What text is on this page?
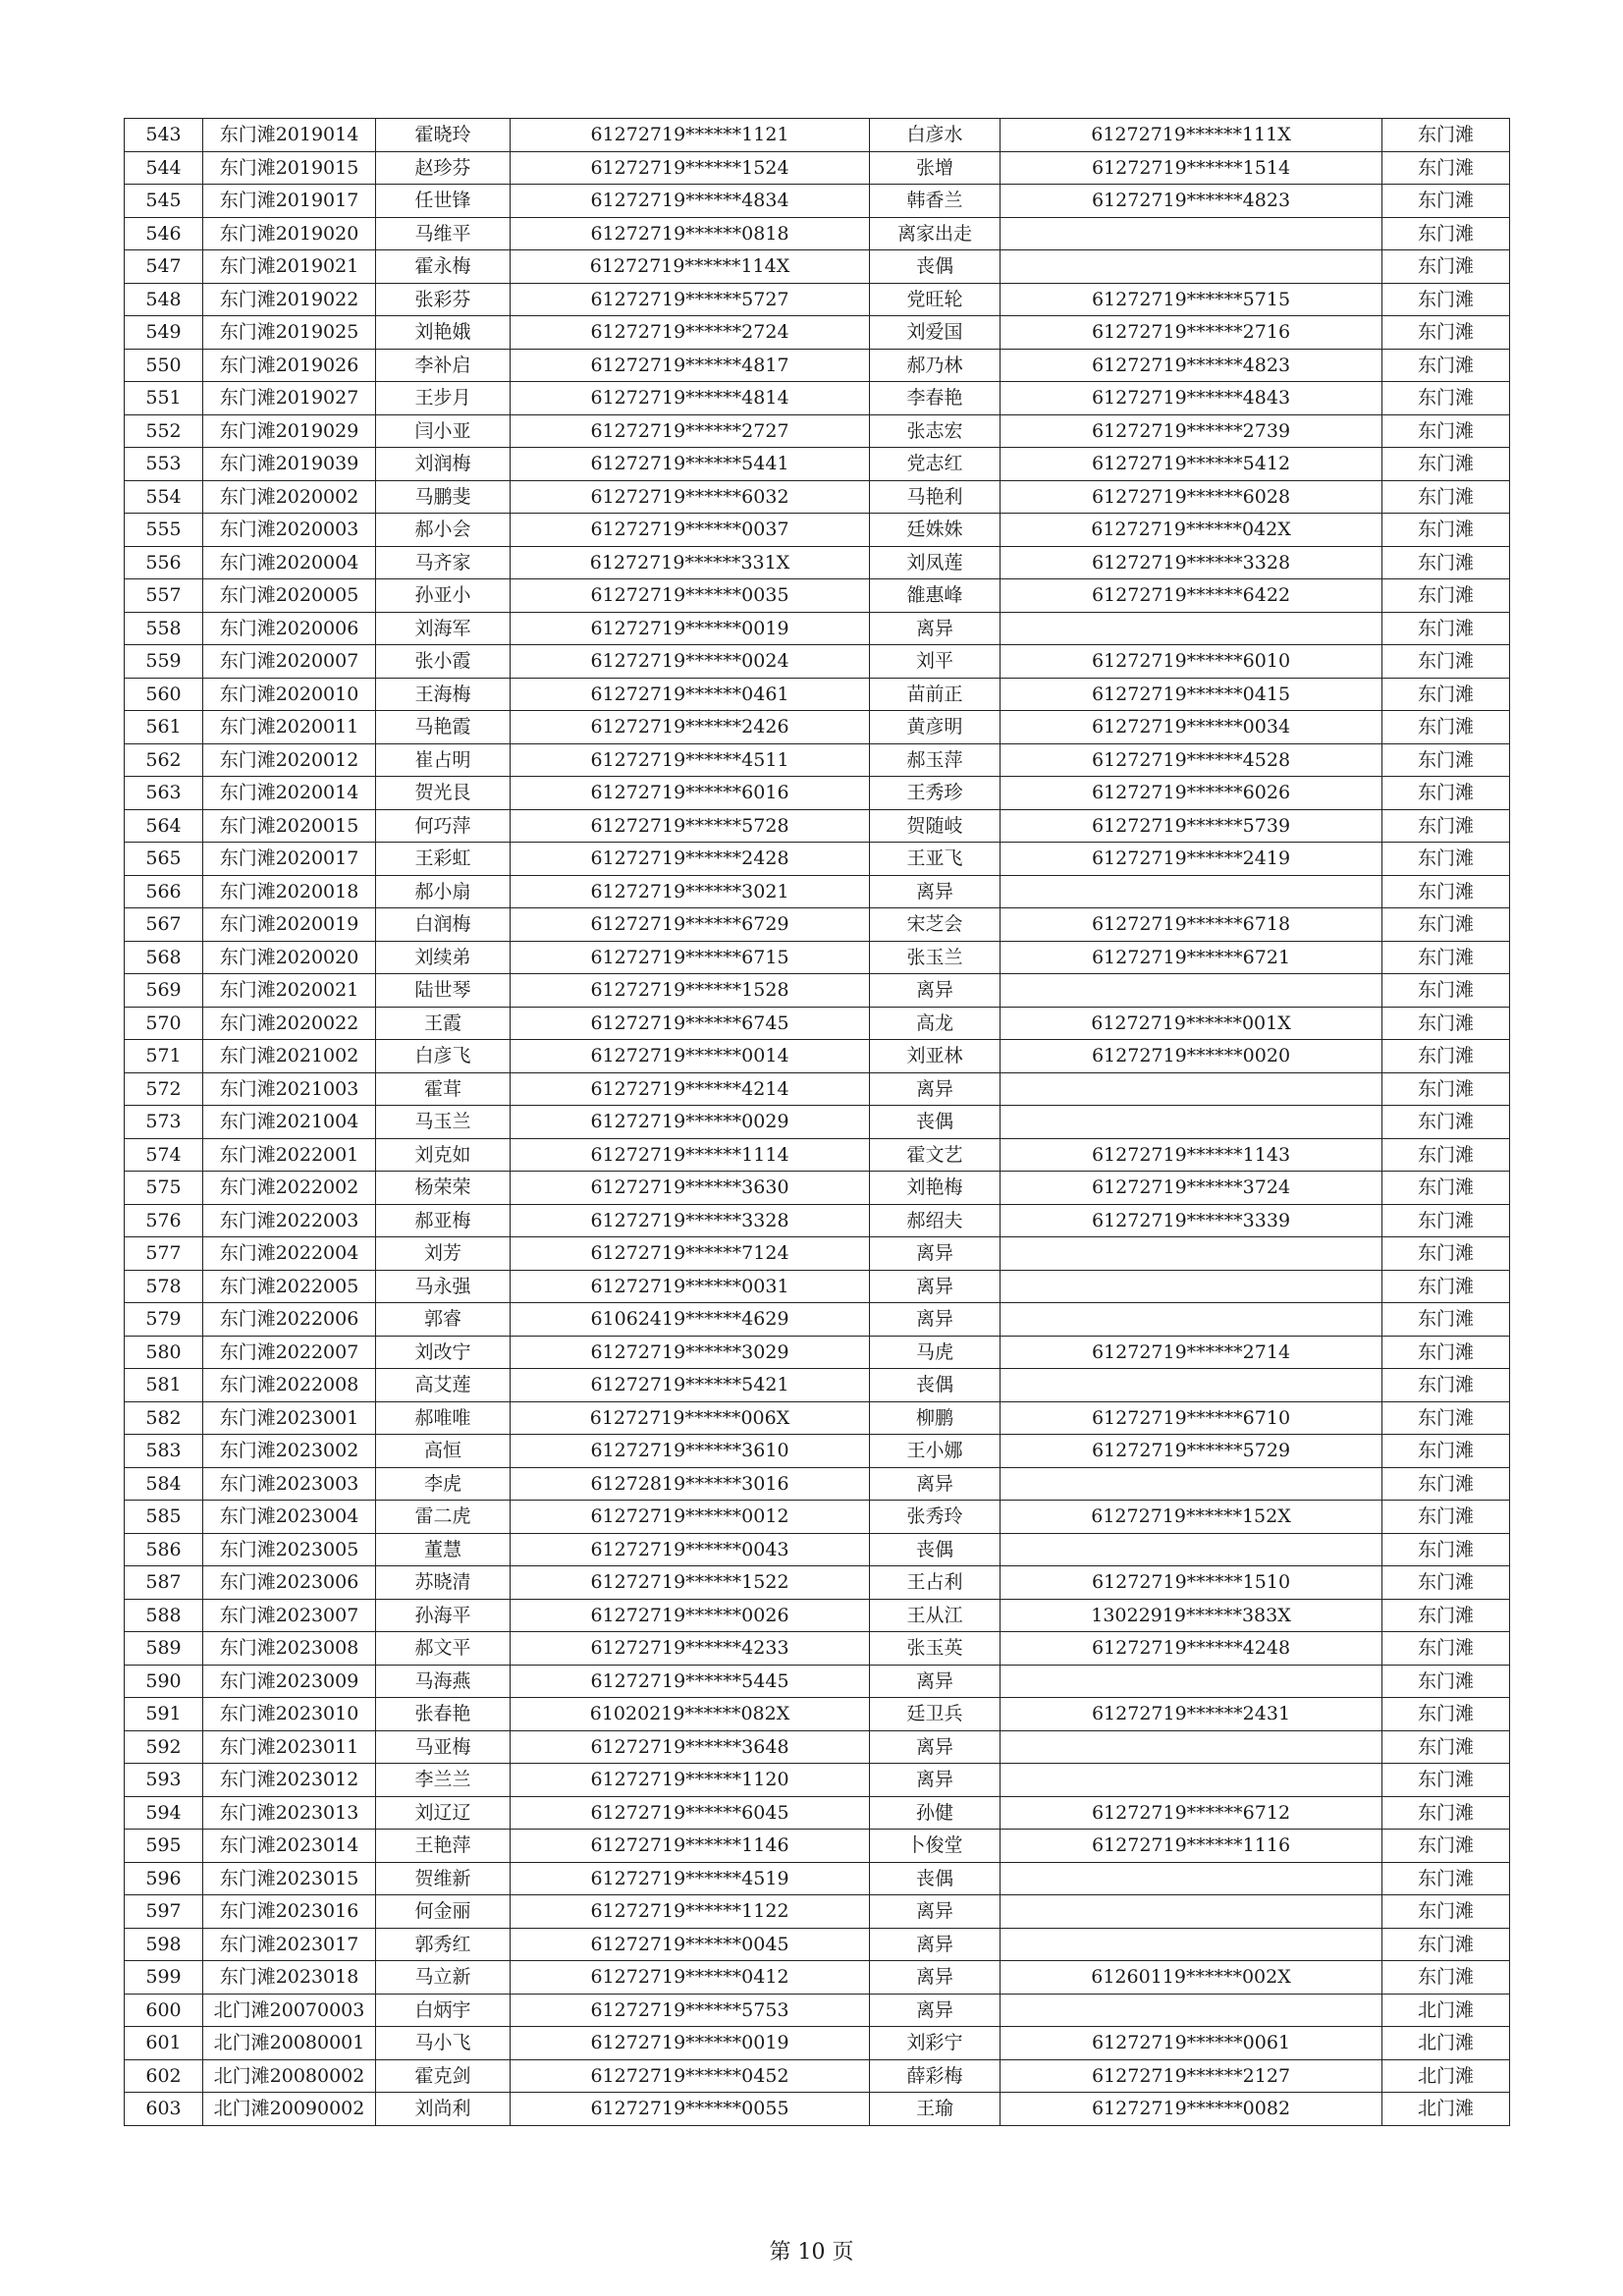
543	东门滩2019014	霍晓玲	61272719******1121	白彦水	61272719******111X	东门滩
544	东门滩2019015	赵珍芬	61272719******1524	张增	61272719******1514	东门滩
545	东门滩2019017	任世锋	61272719******4834	韩香兰	61272719******4823	东门滩
546	东门滩2019020	马维平	61272719******0818	离家出走		东门滩
547	东门滩2019021	霍永梅	61272719******114X	丧偶		东门滩
548	东门滩2019022	张彩芬	61272719******5727	党旺轮	61272719******5715	东门滩
549	东门滩2019025	刘艳娥	61272719******2724	刘爱国	61272719******2716	东门滩
550	东门滩2019026	李补启	61272719******4817	郝乃林	61272719******4823	东门滩
551	东门滩2019027	王步月	61272719******4814	李春艳	61272719******4843	东门滩
552	东门滩2019029	闫小亚	61272719******2727	张志宏	61272719******2739	东门滩
553	东门滩2019039	刘润梅	61272719******5441	党志红	61272719******5412	东门滩
554	东门滩2020002	马鹏斐	61272719******6032	马艳利	61272719******6028	东门滩
555	东门滩2020003	郝小会	61272719******0037	廷姝姝	61272719******042X	东门滩
556	东门滩2020004	马齐家	61272719******331X	刘凤莲	61272719******3328	东门滩
557	东门滩2020005	孙亚小	61272719******0035	雒惠峰	61272719******6422	东门滩
558	东门滩2020006	刘海军	61272719******0019	离异		东门滩
559	东门滩2020007	张小霞	61272719******0024	刘平	61272719******6010	东门滩
560	东门滩2020010	王海梅	61272719******0461	苗前正	61272719******0415	东门滩
561	东门滩2020011	马艳霞	61272719******2426	黄彦明	61272719******0034	东门滩
562	东门滩2020012	崔占明	61272719******4511	郝玉萍	61272719******4528	东门滩
563	东门滩2020014	贺光艮	61272719******6016	王秀珍	61272719******6026	东门滩
564	东门滩2020015	何巧萍	61272719******5728	贺随岐	61272719******5739	东门滩
565	东门滩2020017	王彩虹	61272719******2428	王亚飞	61272719******2419	东门滩
566	东门滩2020018	郝小扇	61272719******3021	离异		东门滩
567	东门滩2020019	白润梅	61272719******6729	宋芝会	61272719******6718	东门滩
568	东门滩2020020	刘续弟	61272719******6715	张玉兰	61272719******6721	东门滩
569	东门滩2020021	陆世琴	61272719******1528	离异		东门滩
570	东门滩2020022	王霞	61272719******6745	高龙	61272719******001X	东门滩
571	东门滩2021002	白彦飞	61272719******0014	刘亚林	61272719******0020	东门滩
572	东门滩2021003	霍茸	61272719******4214	离异		东门滩
573	东门滩2021004	马玉兰	61272719******0029	丧偶		东门滩
574	东门滩2022001	刘克如	61272719******1114	霍文艺	61272719******1143	东门滩
575	东门滩2022002	杨荣荣	61272719******3630	刘艳梅	61272719******3724	东门滩
576	东门滩2022003	郝亚梅	61272719******3328	郝绍夫	61272719******3339	东门滩
577	东门滩2022004	刘芳	61272719******7124	离异		东门滩
578	东门滩2022005	马永强	61272719******0031	离异		东门滩
579	东门滩2022006	郭睿	61062419******4629	离异		东门滩
580	东门滩2022007	刘改宁	61272719******3029	马虎	61272719******2714	东门滩
581	东门滩2022008	高艾莲	61272719******5421	丧偶		东门滩
582	东门滩2023001	郝唯唯	61272719******006X	柳鹏	61272719******6710	东门滩
583	东门滩2023002	高恒	61272719******3610	王小娜	61272719******5729	东门滩
584	东门滩2023003	李虎	61272819******3016	离异		东门滩
585	东门滩2023004	雷二虎	61272719******0012	张秀玲	61272719******152X	东门滩
586	东门滩2023005	董慧	61272719******0043	丧偶		东门滩
587	东门滩2023006	苏晓清	61272719******1522	王占利	61272719******1510	东门滩
588	东门滩2023007	孙海平	61272719******0026	王从江	13022919******383X	东门滩
589	东门滩2023008	郝文平	61272719******4233	张玉英	61272719******4248	东门滩
590	东门滩2023009	马海燕	61272719******5445	离异		东门滩
591	东门滩2023010	张春艳	61020219******082X	廷卫兵	61272719******2431	东门滩
592	东门滩2023011	马亚梅	61272719******3648	离异		东门滩
593	东门滩2023012	李兰兰	61272719******1120	离异		东门滩
594	东门滩2023013	刘辽辽	61272719******6045	孙健	61272719******6712	东门滩
595	东门滩2023014	王艳萍	61272719******1146	卜俊堂	61272719******1116	东门滩
596	东门滩2023015	贺维新	61272719******4519	丧偶		东门滩
597	东门滩2023016	何金丽	61272719******1122	离异		东门滩
598	东门滩2023017	郭秀红	61272719******0045	离异		东门滩
599	东门滩2023018	马立新	61272719******0412	离异	61260119******002X	东门滩
600	北门滩20070003	白炳宇	61272719******5753	离异		北门滩
601	北门滩20080001	马小飞	61272719******0019	刘彩宁	61272719******0061	北门滩
602	北门滩20080002	霍克剑	61272719******0452	薛彩梅	61272719******2127	北门滩
603	北门滩20090002	刘尚利	61272719******0055	王瑜	61272719******0082	北门滩
第 10 页
